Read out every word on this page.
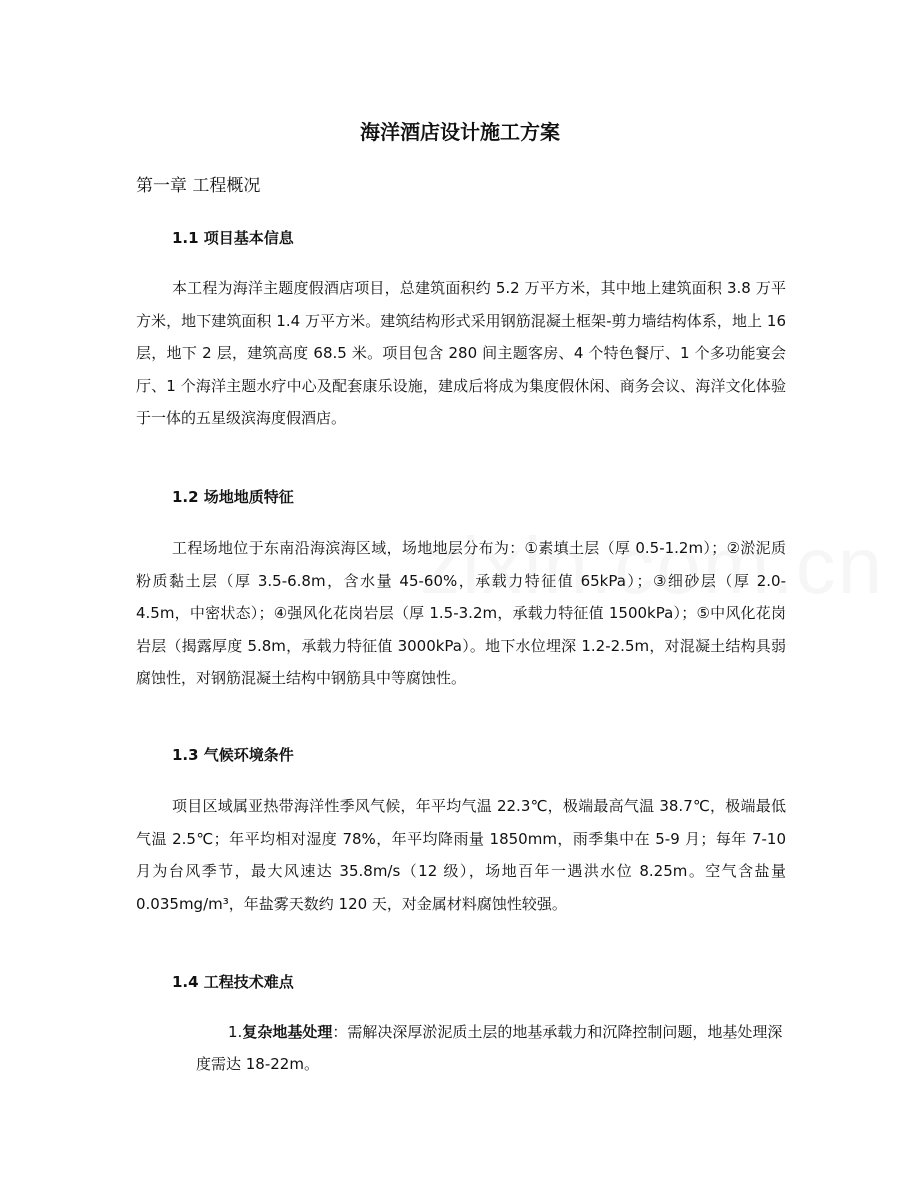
海洋酒店设计施工方案
第一章 工程概况
1.1 项目基本信息

本工程为海洋主题度假酒店项目，总建筑面积约 5.2 万平方米，其中地上建筑面积 3.8 万平方米，地下建筑面积 1.4 万平方米。建筑结构形式采用钢筋混凝土框架-剪力墙结构体系，地上 16 层，地下 2 层，建筑高度 68.5 米。项目包含 280 间主题客房、4 个特色餐厅、1 个多功能宴会厅、1 个海洋主题水疗中心及配套康乐设施，建成后将成为集度假休闲、商务会议、海洋文化体验于一体的五星级滨海度假酒店。

1.2 场地地质特征

工程场地位于东南沿海滨海区域，场地地层分布为：①素填土层（厚 0.5-1.2m）；②淤泥质粉质黏土层（厚 3.5-6.8m，含水量 45-60%，承载力特征值 65kPa）；③细砂层（厚 2.0-4.5m，中密状态）；④强风化花岗岩层（厚 1.5-3.2m，承载力特征值 1500kPa）；⑤中风化花岗岩层（揭露厚度 5.8m，承载力特征值 3000kPa）。地下水位埋深 1.2-2.5m，对混凝土结构具弱腐蚀性，对钢筋混凝土结构中钢筋具中等腐蚀性。

1.3 气候环境条件

项目区域属亚热带海洋性季风气候，年平均气温 22.3℃，极端最高气温 38.7℃，极端最低气温 2.5℃；年平均相对湿度 78%，年平均降雨量 1850mm，雨季集中在 5-9 月；每年 7-10 月为台风季节，最大风速达 35.8m/s（12 级），场地百年一遇洪水位 8.25m。空气含盐量 0.035mg/m³，年盐雾天数约 120 天，对金属材料腐蚀性较强。

1.4 工程技术难点

1.复杂地基处理：需解决深厚淤泥质土层的地基承载力和沉降控制问题，地基处理深度需达 18-22m。
